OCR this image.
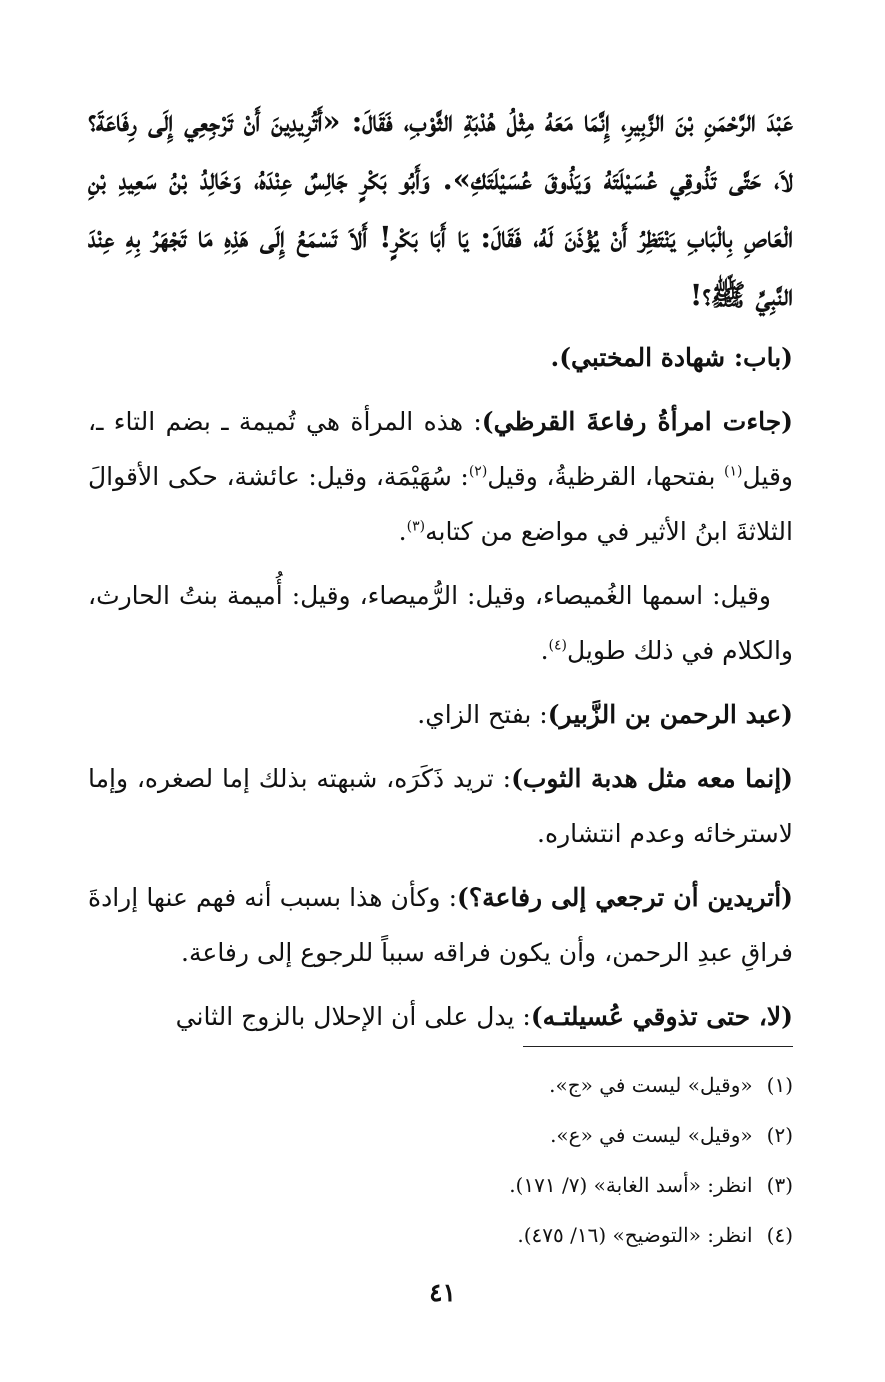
عَبْدَ الرَّحْمَنِ بْنَ الزَّبِيرِ، إِنَّمَا مَعَهُ مِثْلُ هُدْبَةِ الثَّوْبِ، فَقَالَ: «أَتُرِيدِينَ أَنْ تَرْجِعِي إِلَى رِفَاعَةَ؟ لاَ، حَتَّى تَذُوقِي عُسَيْلَتَهُ وَيَذُوقَ عُسَيْلَتَكِ». وَأَبُو بَكْرٍ جَالِسٌ عِنْدَهُ، وَخَالِدُ بْنُ سَعِيدِ بْنِ الْعَاصِ بِالْبَابِ يَنْتَظِرُ أَنْ يُؤْذَنَ لَهُ، فَقَالَ: يَا أَبَا بَكْرٍ! أَلاَ تَسْمَعُ إِلَى هَذِهِ مَا تَجْهَرُ بِهِ عِنْدَ النَّبِيِّ ﷺ؟!

(باب: شهادة المختبي).

(جاءت امرأةُ رفاعةَ القرظي): هذه المرأة هي تُميمة ـ بضم التاء ـ، وقيل$^{(١)}$ بفتحها، القرظيةُ، وقيل$^{(٢)}$: سُهَيْمَة، وقيل: عائشة، حكى الأقوالَ الثلاثةَ ابنُ الأثير في مواضع من كتابه$^{(٣)}$.

وقيل: اسمها الغُميصاء، وقيل: الرُّميصاء، وقيل: أُميمة بنتُ الحارث، والكلام في ذلك طويل$^{(٤)}$.

(عبد الرحمن بن الزَّبير): بفتح الزاي.

(إنما معه مثل هدبة الثوب): تريد ذَكَرَه، شبهته بذلك إما لصغره، وإما لاسترخائه وعدم انتشاره.

(أتريدين أن ترجعي إلى رفاعة؟): وكأن هذا بسبب أنه فهم عنها إرادةَ فراقِ عبدِ الرحمن، وأن يكون فراقه سبباً للرجوع إلى رفاعة.

(لا، حتى تذوقي عُسيلتـه): يدل على أن الإحلال بالزوج الثاني

(١)«وقيل» ليست في «ج».

(٢)«وقيل» ليست في «ع».

(٣)انظر: «أسد الغابة» (٧/ ١٧١).

(٤)انظر: «التوضيح» (١٦/ ٤٧٥).

٤١
